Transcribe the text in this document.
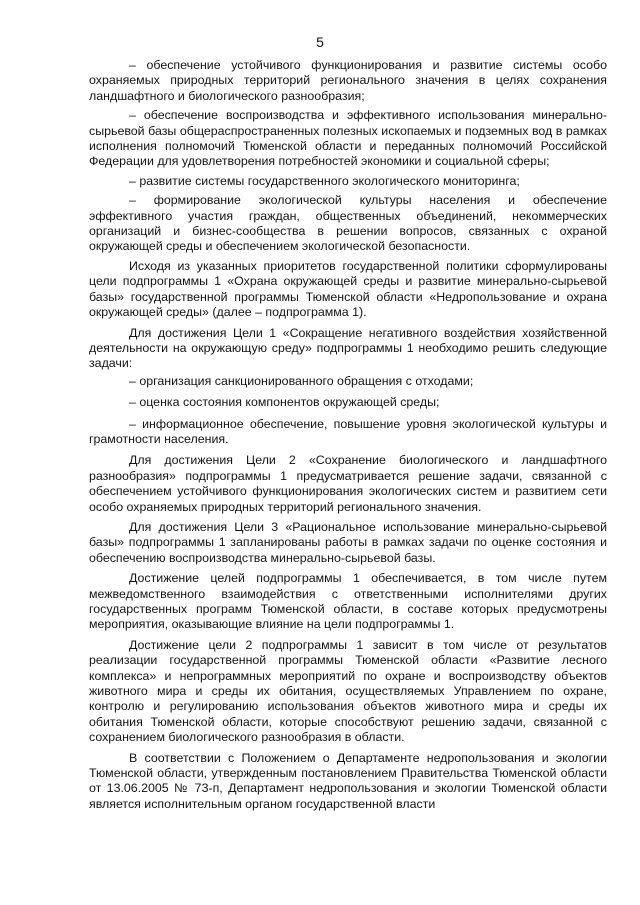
5

– обеспечение устойчивого функционирования и развитие системы особо охраняемых природных территорий регионального значения в целях сохранения ландшафтного и биологического разнообразия;

– обеспечение воспроизводства и эффективного использования минерально-сырьевой базы общераспространенных полезных ископаемых и подземных вод в рамках исполнения полномочий Тюменской области и переданных полномочий Российской Федерации для удовлетворения потребностей экономики и социальной сферы;

– развитие системы государственного экологического мониторинга;

– формирование экологической культуры населения и обеспечение эффективного участия граждан, общественных объединений, некоммерческих организаций и бизнес-сообщества в решении вопросов, связанных с охраной окружающей среды и обеспечением экологической безопасности.

Исходя из указанных приоритетов государственной политики сформулированы цели подпрограммы 1 «Охрана окружающей среды и развитие минерально-сырьевой базы» государственной программы Тюменской области «Недропользование и охрана окружающей среды» (далее – подпрограмма 1).

Для достижения Цели 1 «Сокращение негативного воздействия хозяйственной деятельности на окружающую среду» подпрограммы 1 необходимо решить следующие задачи:

– организация санкционированного обращения с отходами;
– оценка состояния компонентов окружающей среды;
– информационное обеспечение, повышение уровня экологической культуры и грамотности населения.

Для достижения Цели 2 «Сохранение биологического и ландшафтного разнообразия» подпрограммы 1 предусматривается решение задачи, связанной с обеспечением устойчивого функционирования экологических систем и развитием сети особо охраняемых природных территорий регионального значения.

Для достижения Цели 3 «Рациональное использование минерально-сырьевой базы» подпрограммы 1 запланированы работы в рамках задачи по оценке состояния и обеспечению воспроизводства минерально-сырьевой базы.

Достижение целей подпрограммы 1 обеспечивается, в том числе путем межведомственного взаимодействия с ответственными исполнителями других государственных программ Тюменской области, в составе которых предусмотрены мероприятия, оказывающие влияние на цели подпрограммы 1.

Достижение цели 2 подпрограммы 1 зависит в том числе от результатов реализации государственной программы Тюменской области «Развитие лесного комплекса» и непрограммных мероприятий по охране и воспроизводству объектов животного мира и среды их обитания, осуществляемых Управлением по охране, контролю и регулированию использования объектов животного мира и среды их обитания Тюменской области, которые способствуют решению задачи, связанной с сохранением биологического разнообразия в области.

В соответствии с Положением о Департаменте недропользования и экологии Тюменской области, утвержденным постановлением Правительства Тюменской области от 13.06.2005 № 73-п, Департамент недропользования и экологии Тюменской области является исполнительным органом государственной власти
